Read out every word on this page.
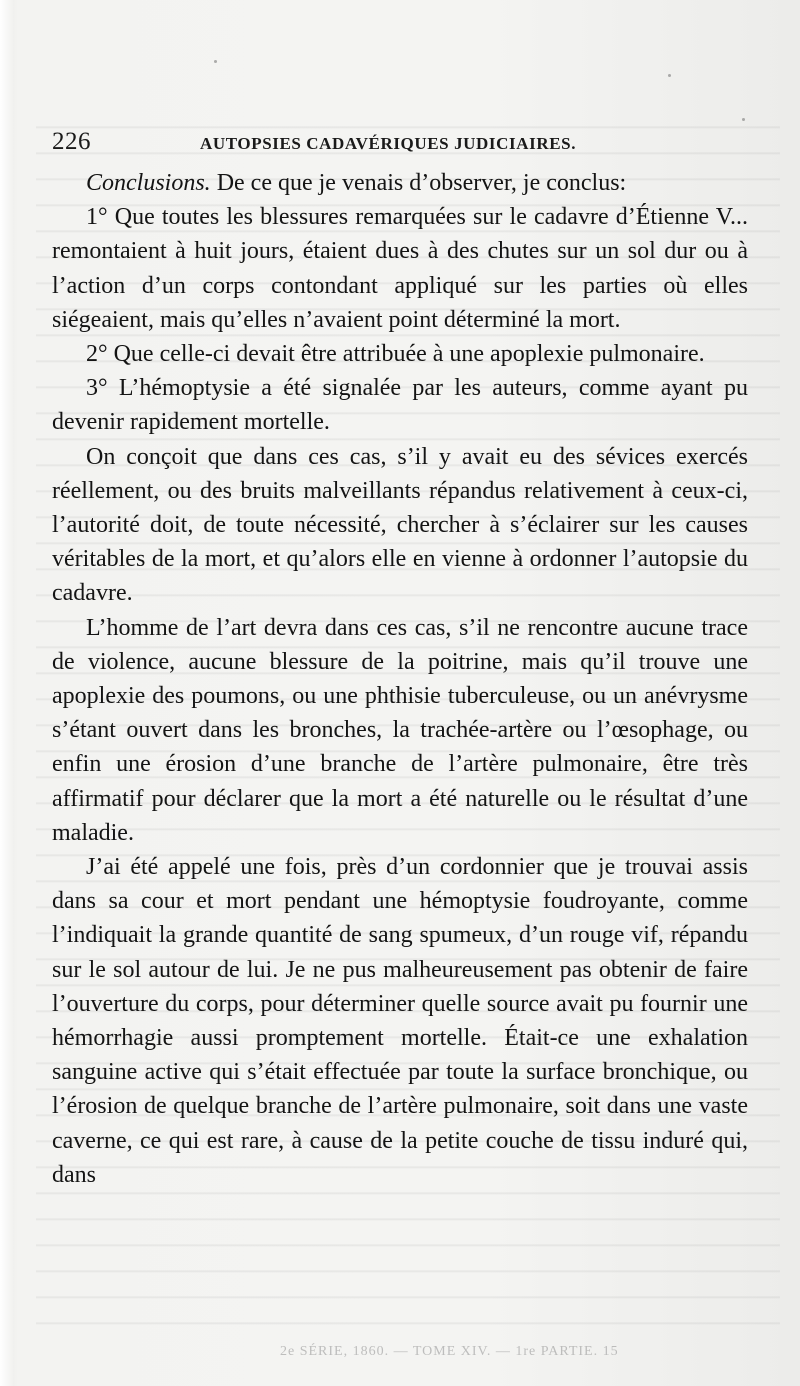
226	AUTOPSIES CADAVÉRIQUES JUDICIAIRES.

Conclusions. De ce que je venais d’observer, je conclus:

1° Que toutes les blessures remarquées sur le cadavre d’Étienne V... remontaient à huit jours, étaient dues à des chutes sur un sol dur ou à l’action d’un corps contondant appliqué sur les parties où elles siégeaient, mais qu’elles n’avaient point déterminé la mort.

2° Que celle-ci devait être attribuée à une apoplexie pulmonaire.

3° L’hémoptysie a été signalée par les auteurs, comme ayant pu devenir rapidement mortelle.

On conçoit que dans ces cas, s’il y avait eu des sévices exercés réellement, ou des bruits malveillants répandus relativement à ceux-ci, l’autorité doit, de toute nécessité, chercher à s’éclairer sur les causes véritables de la mort, et qu’alors elle en vienne à ordonner l’autopsie du cadavre.

L’homme de l’art devra dans ces cas, s’il ne rencontre aucune trace de violence, aucune blessure de la poitrine, mais qu’il trouve une apoplexie des poumons, ou une phthisie tuberculeuse, ou un anévrysme s’étant ouvert dans les bronches, la trachée-artère ou l’œsophage, ou enfin une érosion d’une branche de l’artère pulmonaire, être très affirmatif pour déclarer que la mort a été naturelle ou le résultat d’une maladie.

J’ai été appelé une fois, près d’un cordonnier que je trouvai assis dans sa cour et mort pendant une hémoptysie foudroyante, comme l’indiquait la grande quantité de sang spumeux, d’un rouge vif, répandu sur le sol autour de lui. Je ne pus malheureusement pas obtenir de faire l’ouverture du corps, pour déterminer quelle source avait pu fournir une hémorrhagie aussi promptement mortelle. Était-ce une exhalation sanguine active qui s’était effectuée par toute la surface bronchique, ou l’érosion de quelque branche de l’artère pulmonaire, soit dans une vaste caverne, ce qui est rare, à cause de la petite couche de tissu induré qui, dans

2e SÉRIE, 1860. — TOME XIV. — 1re PARTIE. 15
